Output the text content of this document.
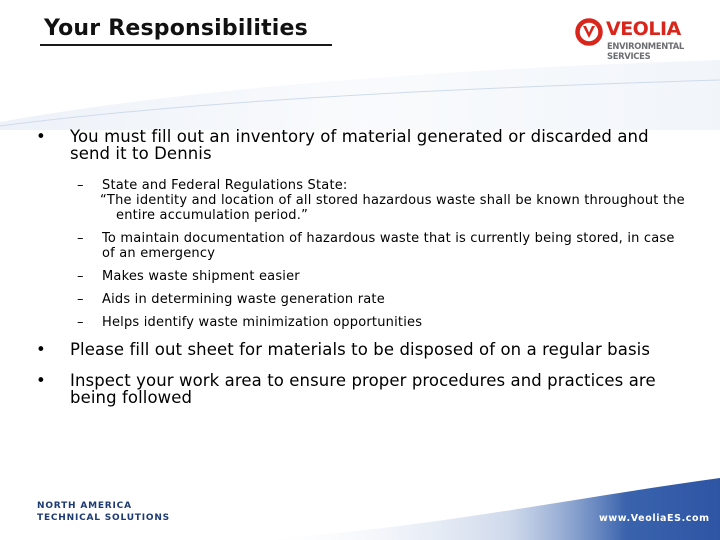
Your Responsibilities	VEOLIA
ENVIRONMENTAL
SERVICES
• You must fill out an inventory of material generated or discarded and send it to Dennis
– State and Federal Regulations State:
“The identity and location of all stored hazardous waste shall be known throughout the entire accumulation period.”
– To maintain documentation of hazardous waste that is currently being stored, in case of an emergency
– Makes waste shipment easier
– Aids in determining waste generation rate
– Helps identify waste minimization opportunities
• Please fill out sheet for materials to be disposed of on a regular basis
• Inspect your work area to ensure proper procedures and practices are being followed
NORTH AMERICA
TECHNICAL SOLUTIONS	www.VeoliaES.com
